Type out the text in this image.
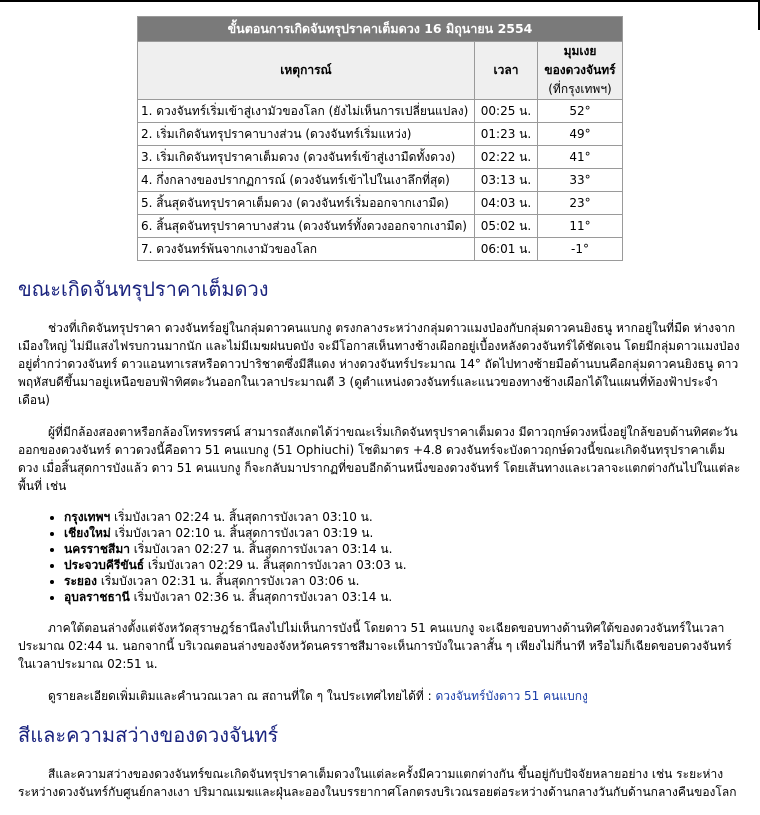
ขั้นตอนการเกิดจันทรุปราคาเต็มดวง 16 มิถุนายน 2554		
เหตุการณ์	เวลา	มุมเงย
ของดวงจันทร์
(ที่กรุงเทพฯ)
1. ดวงจันทร์เริ่มเข้าสู่เงามัวของโลก (ยังไม่เห็นการเปลี่ยนแปลง)	00:25 น.	52°
2. เริ่มเกิดจันทรุปราคาบางส่วน (ดวงจันทร์เริ่มแหว่ง)	01:23 น.	49°
3. เริ่มเกิดจันทรุปราคาเต็มดวง (ดวงจันทร์เข้าสู่เงามืดทั้งดวง)	02:22 น.	41°
4. กึ่งกลางของปรากฏการณ์ (ดวงจันทร์เข้าไปในเงาลึกที่สุด)	03:13 น.	33°
5. สิ้นสุดจันทรุปราคาเต็มดวง (ดวงจันทร์เริ่มออกจากเงามืด)	04:03 น.	23°
6. สิ้นสุดจันทรุปราคาบางส่วน (ดวงจันทร์ทั้งดวงออกจากเงามืด)	05:02 น.	11°
7. ดวงจันทร์พ้นจากเงามัวของโลก	06:01 น.	-1°
ขณะเกิดจันทรุปราคาเต็มดวง

ช่วงที่เกิดจันทรุปราคา ดวงจันทร์อยู่ในกลุ่มดาวคนแบกงู ตรงกลางระหว่างกลุ่มดาวแมงป่องกับกลุ่มดาวคนยิงธนู หากอยู่ในที่มืด ห่างจากเมืองใหญ่ ไม่มีแสงไฟรบกวนมากนัก และไม่มีเมฆฝนบดบัง จะมีโอกาสเห็นทางช้างเผือกอยู่เบื้องหลังดวงจันทร์ได้ชัดเจน โดยมีกลุ่มดาวแมงป่องอยู่ต่ำกว่าดวงจันทร์ ดาวแอนทาเรสหรือดาวปาริชาตซึ่งมีสีแดง ห่างดวงจันทร์ประมาณ 14° ถัดไปทางซ้ายมือด้านบนคือกลุ่มดาวคนยิงธนู ดาวพฤหัสบดีขึ้นมาอยู่เหนือขอบฟ้าทิศตะวันออกในเวลาประมาณตี 3 (ดูตำแหน่งดวงจันทร์และแนวของทางช้างเผือกได้ในแผนที่ท้องฟ้าประจำเดือน)

ผู้ที่มีกล้องสองตาหรือกล้องโทรทรรศน์ สามารถสังเกตได้ว่าขณะเริ่มเกิดจันทรุปราคาเต็มดวง มีดาวฤกษ์ดวงหนึ่งอยู่ใกล้ขอบด้านทิศตะวันออกของดวงจันทร์ ดาวดวงนี้คือดาว 51 คนแบกงู (51 Ophiuchi) โชติมาตร +4.8 ดวงจันทร์จะบังดาวฤกษ์ดวงนี้ขณะเกิดจันทรุปราคาเต็มดวง เมื่อสิ้นสุดการบังแล้ว ดาว 51 คนแบกงู ก็จะกลับมาปรากฏที่ขอบอีกด้านหนึ่งของดวงจันทร์ โดยเส้นทางและเวลาจะแตกต่างกันไปในแต่ละพื้นที่ เช่น

• กรุงเทพฯ เริ่มบังเวลา 02:24 น. สิ้นสุดการบังเวลา 03:10 น.
• เชียงใหม่ เริ่มบังเวลา 02:10 น. สิ้นสุดการบังเวลา 03:19 น.
• นครราชสีมา เริ่มบังเวลา 02:27 น. สิ้นสุดการบังเวลา 03:14 น.
• ประจวบคีรีขันธ์ เริ่มบังเวลา 02:29 น. สิ้นสุดการบังเวลา 03:03 น.
• ระยอง เริ่มบังเวลา 02:31 น. สิ้นสุดการบังเวลา 03:06 น.
• อุบลราชธานี เริ่มบังเวลา 02:36 น. สิ้นสุดการบังเวลา 03:14 น.

ภาคใต้ตอนล่างตั้งแต่จังหวัดสุราษฎร์ธานีลงไปไม่เห็นการบังนี้ โดยดาว 51 คนแบกงู จะเฉียดขอบทางด้านทิศใต้ของดวงจันทร์ในเวลาประมาณ 02:44 น. นอกจากนี้ บริเวณตอนล่างของจังหวัดนครราชสีมาจะเห็นการบังในเวลาสั้น ๆ เพียงไม่กี่นาที หรือไม่ก็เฉียดขอบดวงจันทร์ในเวลาประมาณ 02:51 น.

ดูรายละเอียดเพิ่มเติมและคำนวณเวลา ณ สถานที่ใด ๆ ในประเทศไทยได้ที่ : ดวงจันทร์บังดาว 51 คนแบกงู

สีและความสว่างของดวงจันทร์

สีและความสว่างของดวงจันทร์ขณะเกิดจันทรุปราคาเต็มดวงในแต่ละครั้งมีความแตกต่างกัน ขึ้นอยู่กับปัจจัยหลายอย่าง เช่น ระยะห่างระหว่างดวงจันทร์กับศูนย์กลางเงา ปริมาณเมฆและฝุ่นละอองในบรรยากาศโลกตรงบริเวณรอยต่อระหว่างด้านกลางวันกับด้านกลางคืนของโลก
